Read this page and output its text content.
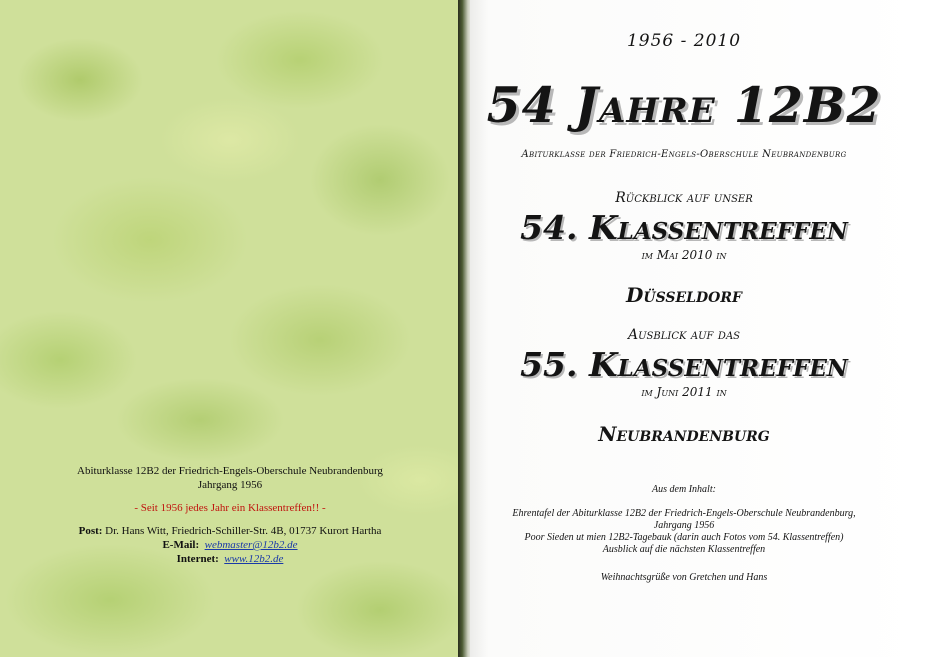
Abiturklasse 12B2 der Friedrich-Engels-Oberschule Neubrandenburg
Jahrgang 1956
- Seit 1956 jedes Jahr ein Klassentreffen!! -
Post: Dr. Hans Witt, Friedrich-Schiller-Str. 4B, 01737 Kurort Hartha
E-Mail: webmaster@12b2.de
Internet: www.12b2.de
1956 - 2010
54 Jahre 12B2
Abiturklasse der Friedrich-Engels-Oberschule Neubrandenburg
Rückblick auf unser
54. Klassentreffen
im Mai 2010 in
Düsseldorf
Ausblick auf das
55. Klassentreffen
im Juni 2011 in
Neubrandenburg
Aus dem Inhalt:
Ehrentafel der Abiturklasse 12B2 der Friedrich-Engels-Oberschule Neubrandenburg,
Jahrgang 1956
Poor Sieden ut mien 12B2-Tagebauk (darin auch Fotos vom 54. Klassentreffen)
Ausblick auf die nächsten Klassentreffen
Weihnachtsgrüße von Gretchen und Hans
